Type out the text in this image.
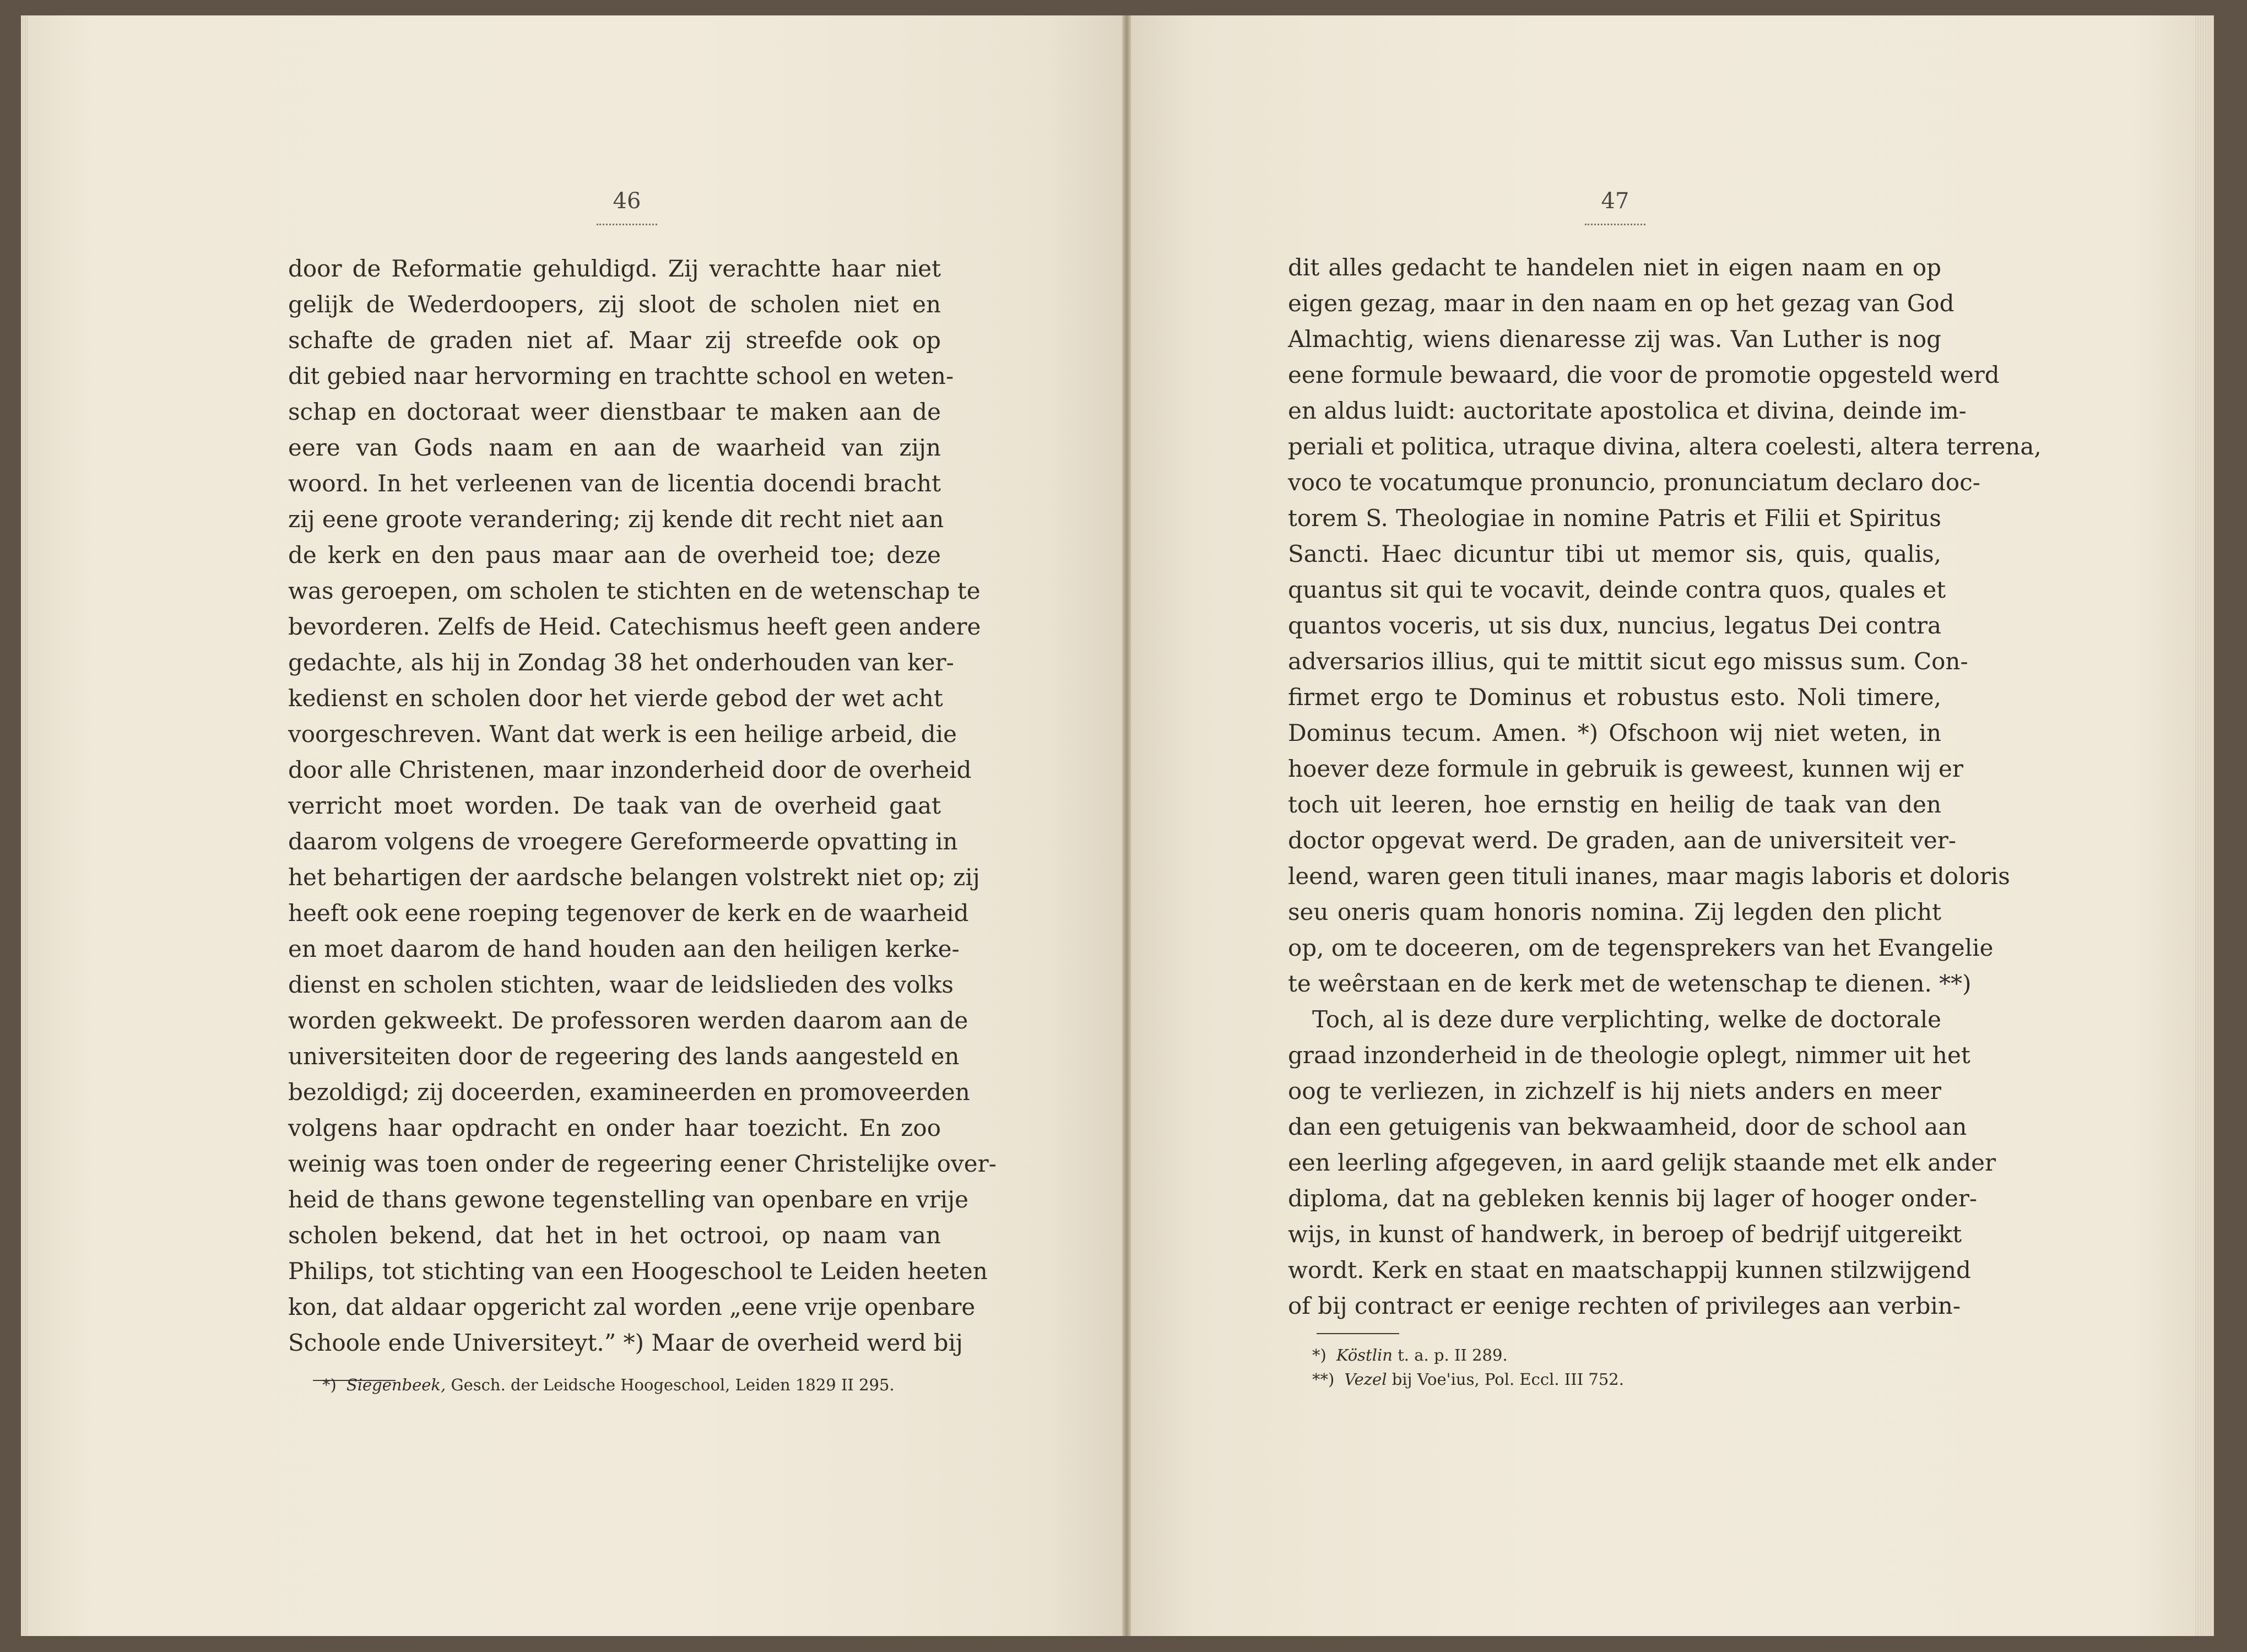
46
door de Reformatie gehuldigd. Zij verachtte haar niet
gelijk de Wederdoopers, zij sloot de scholen niet en
schafte de graden niet af. Maar zij streefde ook op
dit gebied naar hervorming en trachtte school en weten-
schap en doctoraat weer dienstbaar te maken aan de
eere van Gods naam en aan de waarheid van zijn
woord. In het verleenen van de licentia docendi bracht
zij eene groote verandering; zij kende dit recht niet aan
de kerk en den paus maar aan de overheid toe; deze
was geroepen, om scholen te stichten en de wetenschap te
bevorderen. Zelfs de Heid. Catechismus heeft geen andere
gedachte, als hij in Zondag 38 het onderhouden van ker-
kedienst en scholen door het vierde gebod der wet acht
voorgeschreven. Want dat werk is een heilige arbeid, die
door alle Christenen, maar inzonderheid door de overheid
verricht moet worden. De taak van de overheid gaat
daarom volgens de vroegere Gereformeerde opvatting in
het behartigen der aardsche belangen volstrekt niet op; zij
heeft ook eene roeping tegenover de kerk en de waarheid
en moet daarom de hand houden aan den heiligen kerke-
dienst en scholen stichten, waar de leidslieden des volks
worden gekweekt. De professoren werden daarom aan de
universiteiten door de regeering des lands aangesteld en
bezoldigd; zij doceerden, examineerden en promoveerden
volgens haar opdracht en onder haar toezicht. En zoo
weinig was toen onder de regeering eener Christelijke over-
heid de thans gewone tegenstelling van openbare en vrije
scholen bekend, dat het in het octrooi, op naam van
Philips, tot stichting van een Hoogeschool te Leiden heeten
kon, dat aldaar opgericht zal worden „eene vrije openbare
Schoole ende Universiteyt.” *) Maar de overheid werd bij
*) Siegenbeek, Gesch. der Leidsche Hoogeschool, Leiden 1829 II 295.
47
dit alles gedacht te handelen niet in eigen naam en op
eigen gezag, maar in den naam en op het gezag van God
Almachtig, wiens dienaresse zij was. Van Luther is nog
eene formule bewaard, die voor de promotie opgesteld werd
en aldus luidt: auctoritate apostolica et divina, deinde im-
periali et politica, utraque divina, altera coelesti, altera terrena,
voco te vocatumque pronuncio, pronunciatum declaro doc-
torem S. Theologiae in nomine Patris et Filii et Spiritus
Sancti. Haec dicuntur tibi ut memor sis, quis, qualis,
quantus sit qui te vocavit, deinde contra quos, quales et
quantos voceris, ut sis dux, nuncius, legatus Dei contra
adversarios illius, qui te mittit sicut ego missus sum. Con-
firmet ergo te Dominus et robustus esto. Noli timere,
Dominus tecum. Amen. *) Ofschoon wij niet weten, in
hoever deze formule in gebruik is geweest, kunnen wij er
toch uit leeren, hoe ernstig en heilig de taak van den
doctor opgevat werd. De graden, aan de universiteit ver-
leend, waren geen tituli inanes, maar magis laboris et doloris
seu oneris quam honoris nomina. Zij legden den plicht
op, om te doceeren, om de tegensprekers van het Evangelie
te weêrstaan en de kerk met de wetenschap te dienen. **)
Toch, al is deze dure verplichting, welke de doctorale
graad inzonderheid in de theologie oplegt, nimmer uit het
oog te verliezen, in zichzelf is hij niets anders en meer
dan een getuigenis van bekwaamheid, door de school aan
een leerling afgegeven, in aard gelijk staande met elk ander
diploma, dat na gebleken kennis bij lager of hooger onder-
wijs, in kunst of handwerk, in beroep of bedrijf uitgereikt
wordt. Kerk en staat en maatschappij kunnen stilzwijgend
of bij contract er eenige rechten of privileges aan verbin-
*) Köstlin t. a. p. II 289.
**) Vezel bij Voe'ius, Pol. Eccl. III 752.
